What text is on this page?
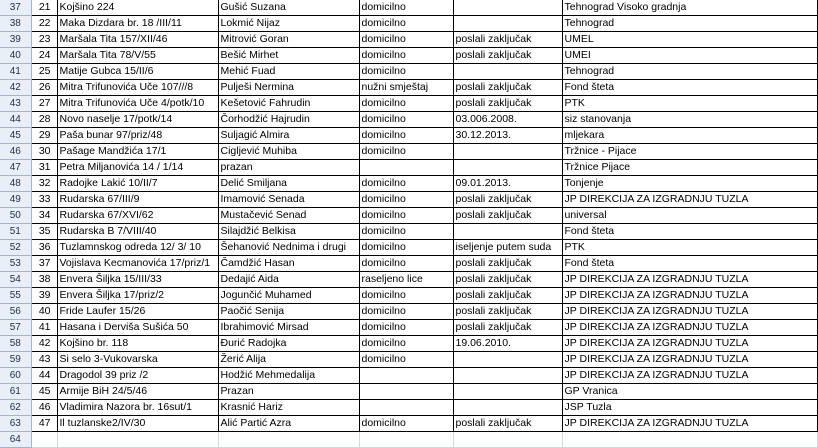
37	21	Kojšino 224	Gušić Suzana	domicilno		Tehnograd Visoko gradnja
38	22	Maka Dizdara br. 18 /III/11	Lokmić Nijaz	domicilno		Tehnograd
39	23	Maršala Tita 157/XII/46	Mitrović Goran	domicilno	poslali zaključak	UMEL
40	24	Maršala Tita 78/V/55	Bešić Mirhet	domicilno	poslali zaključak	UMEI
41	25	Matije Gubca 15/II/6	Mehić Fuad	domicilno		Tehnograd
42	26	Mitra Trifunovića Uče 107///8	Pulješi Nermina	nužni smještaj	poslali zaključak	Fond šteta
43	27	Mitra Trifunovića Uče 4/potk/10	Kešetović Fahrudin	domicilno	poslali zaključak	PTK
44	28	Novo naselje 17/potk/14	Čorhodžić Hajrudin	domicilno	03.006.2008.	siz stanovanja
45	29	Paša bunar 97/priz/48	Suljagić Almira	domicilno	30.12.2013.	mljekara
46	30	Pašage Mandžića 17/1	Cigljević Muhiba	domicilno		Tržnice - Pijace
47	31	Petra Miljanovića 14 / 1/14	prazan			Tržnice Pijace
48	32	Radojke Lakić 10/II/7	Delić Smiljana	domicilno	09.01.2013.	Tonjenje
49	33	Rudarska 67/III/9	Imamović Senada	domicilno	poslali zaključak	JP DIREKCIJA ZA IZGRADNJU TUZLA
50	34	Rudarska 67/XVI/62	Mustačević Senad	domicilno	poslali zaključak	universal
51	35	Rudarska B 7/VIII/40	Silajdžić Belkisa	domicilno		Fond šteta
52	36	Tuzlamnskog odreda 12/ 3/ 10	Šehanović Nednima i drugi	domicilno	iseljenje putem suda	PTK
53	37	Vojislava Kecmanovića 17/priz/1	Čamdžić Hasan	domicilno	poslali zaključak	Fond šteta
54	38	Envera Šiljka 15/III/33	Dedajić Aida	raseljeno lice	poslali zaključak	JP DIREKCIJA ZA IZGRADNJU TUZLA
55	39	Envera Šiljka 17/priz/2	Jogunčić Muhamed	domicilno	poslali zaključak	JP DIREKCIJA ZA IZGRADNJU TUZLA
56	40	Fride Laufer 15/26	Paočić Senija	domicilno	poslali zaključak	JP DIREKCIJA ZA IZGRADNJU TUZLA
57	41	Hasana i Derviša Sušića 50	Ibrahimović Mirsad	domicilno	poslali zaključak	JP DIREKCIJA ZA IZGRADNJU TUZLA
58	42	Kojšino br. 118	Đurić Radojka	domicilno	19.06.2010.	JP DIREKCIJA ZA IZGRADNJU TUZLA
59	43	Si selo 3-Vukovarska	Žerić Alija	domicilno		JP DIREKCIJA ZA IZGRADNJU TUZLA
60	44	Dragodol 39 priz /2	Hodžić Mehmedalija			JP DIREKCIJA ZA IZGRADNJU TUZLA
61	45	Armije BiH 24/5/46	Prazan			GP Vranica
62	46	Vladimira Nazora br. 16sut/1	Krasnić Hariz			JSP Tuzla
63	47	Il tuzlanske2/IV/30	Alić Partić Azra	domicilno	poslali zaključak	JP DIREKCIJA ZA IZGRADNJU TUZLA
64						
